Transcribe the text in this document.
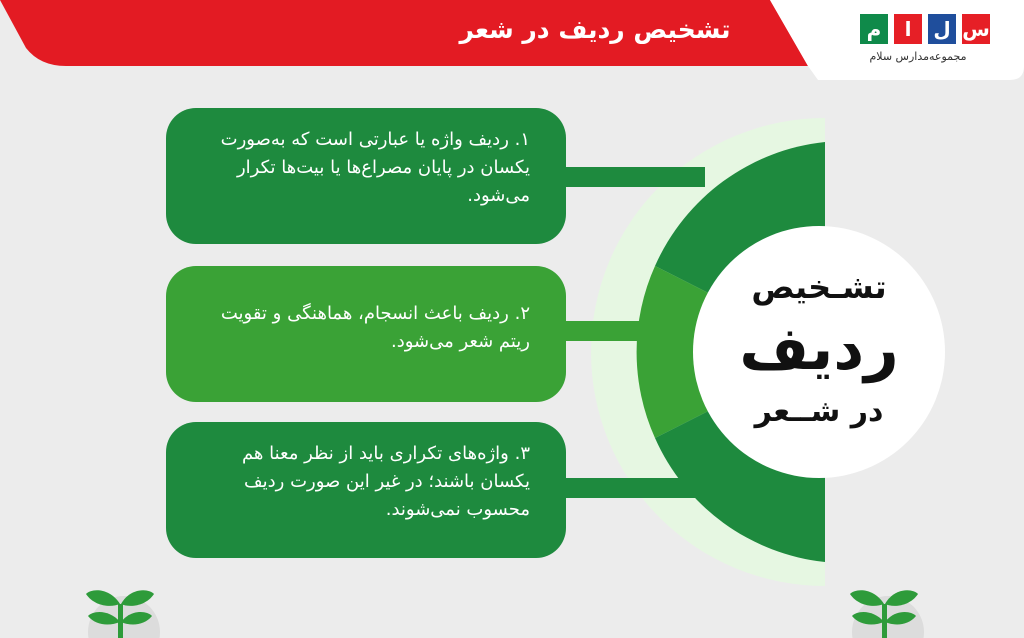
تشخیص ردیف در شعر	س
ل
ا
م
مجموعه‌مدارس سلام
۱. ردیف واژه یا عبارتی است که به‌صورت یکسان در پایان مصراع‌ها یا بیت‌ها تکرار می‌شود.
۲. ردیف باعث انسجام، هماهنگی و تقویت ریتم شعر می‌شود.
۳. واژه‌های تکراری باید از نظر معنا هم یکسان باشند؛ در غیر این صورت ردیف محسوب نمی‌شوند.
تشـخیص
ردیف
در شــعر
